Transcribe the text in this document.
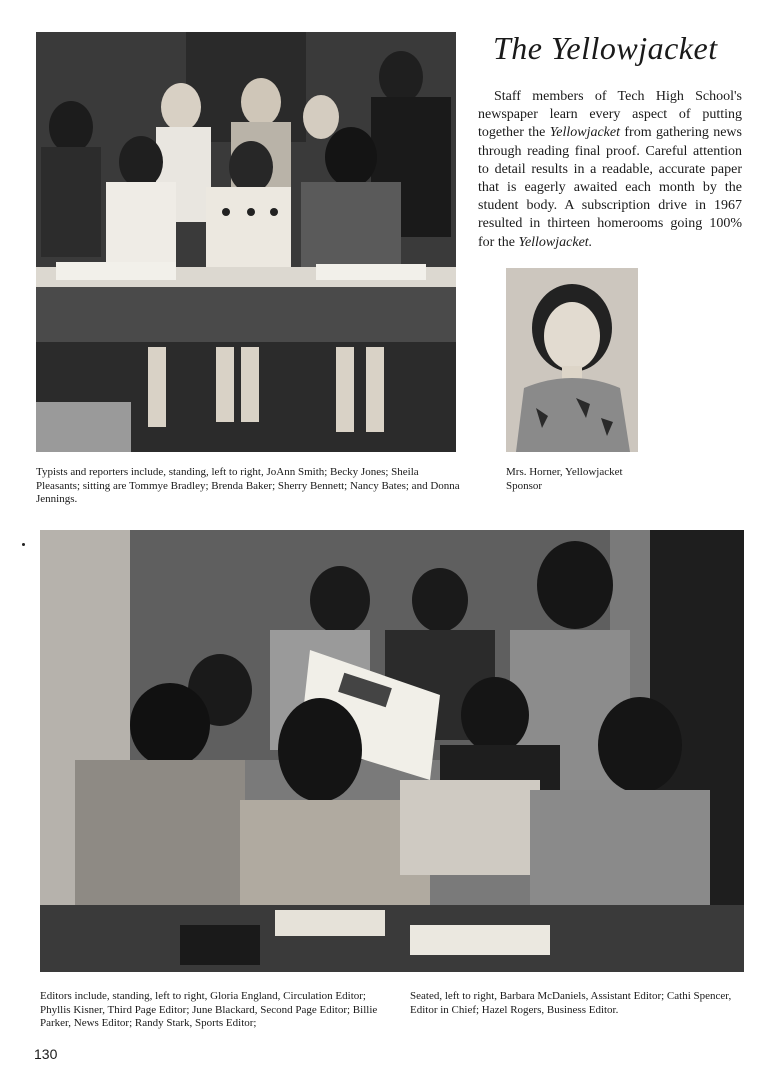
The Yellowjacket

Staff members of Tech High School's newspaper learn every aspect of putting together the Yellowjacket from gathering news through reading final proof. Careful attention to detail results in a readable, accurate paper that is eagerly awaited each month by the student body. A subscription drive in 1967 resulted in thirteen homerooms going 100% for the Yellowjacket.

Typists and reporters include, standing, left to right, JoAnn Smith; Becky Jones; Sheila Pleasants; sitting are Tommye Bradley; Brenda Baker; Sherry Bennett; Nancy Bates; and Donna Jennings.

Mrs. Horner, Yellowjacket Sponsor

Editors include, standing, left to right, Gloria England, Circulation Editor; Phyllis Kisner, Third Page Editor; June Blackard, Second Page Editor; Billie Parker, News Editor; Randy Stark, Sports Editor;

Seated, left to right, Barbara McDaniels, Assistant Editor; Cathi Spencer, Editor in Chief; Hazel Rogers, Business Editor.

130
